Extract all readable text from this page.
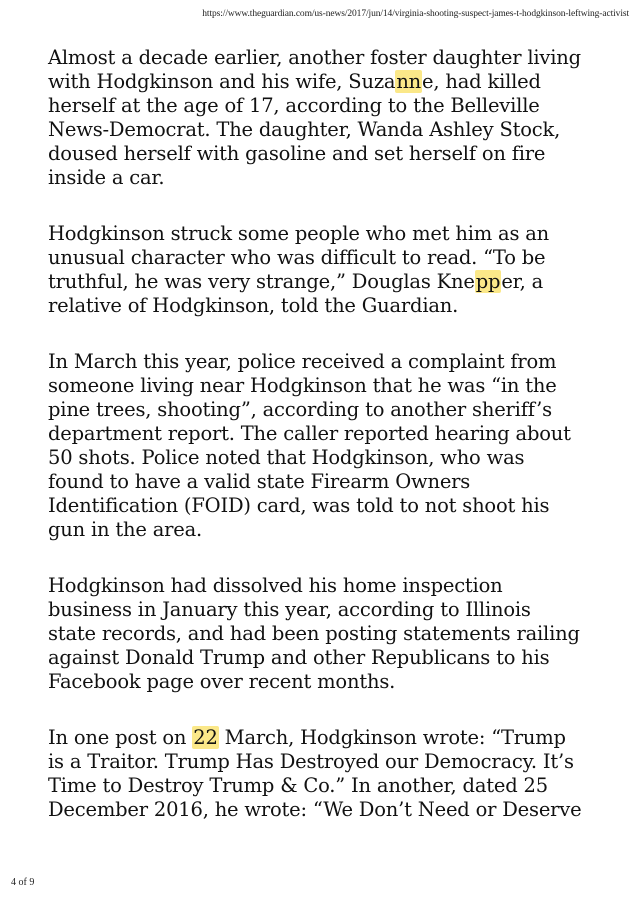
https://www.theguardian.com/us-news/2017/jun/14/virginia-shooting-suspect-james-t-hodgkinson-leftwing-activist

Almost a decade earlier, another foster daughter living
with Hodgkinson and his wife, Suzanne, had killed
herself at the age of 17, according to the Belleville
News-Democrat. The daughter, Wanda Ashley Stock,
doused herself with gasoline and set herself on fire
inside a car.

Hodgkinson struck some people who met him as an
unusual character who was difficult to read. “To be
truthful, he was very strange,” Douglas Knepper, a
relative of Hodgkinson, told the Guardian.

In March this year, police received a complaint from
someone living near Hodgkinson that he was “in the
pine trees, shooting”, according to another sheriff’s
department report. The caller reported hearing about
50 shots. Police noted that Hodgkinson, who was
found to have a valid state Firearm Owners
Identification (FOID) card, was told to not shoot his
gun in the area.

Hodgkinson had dissolved his home inspection
business in January this year, according to Illinois
state records, and had been posting statements railing
against Donald Trump and other Republicans to his
Facebook page over recent months.

In one post on 22 March, Hodgkinson wrote: “Trump
is a Traitor. Trump Has Destroyed our Democracy. It’s
Time to Destroy Trump & Co.” In another, dated 25
December 2016, he wrote: “We Don’t Need or Deserve

4 of 9
